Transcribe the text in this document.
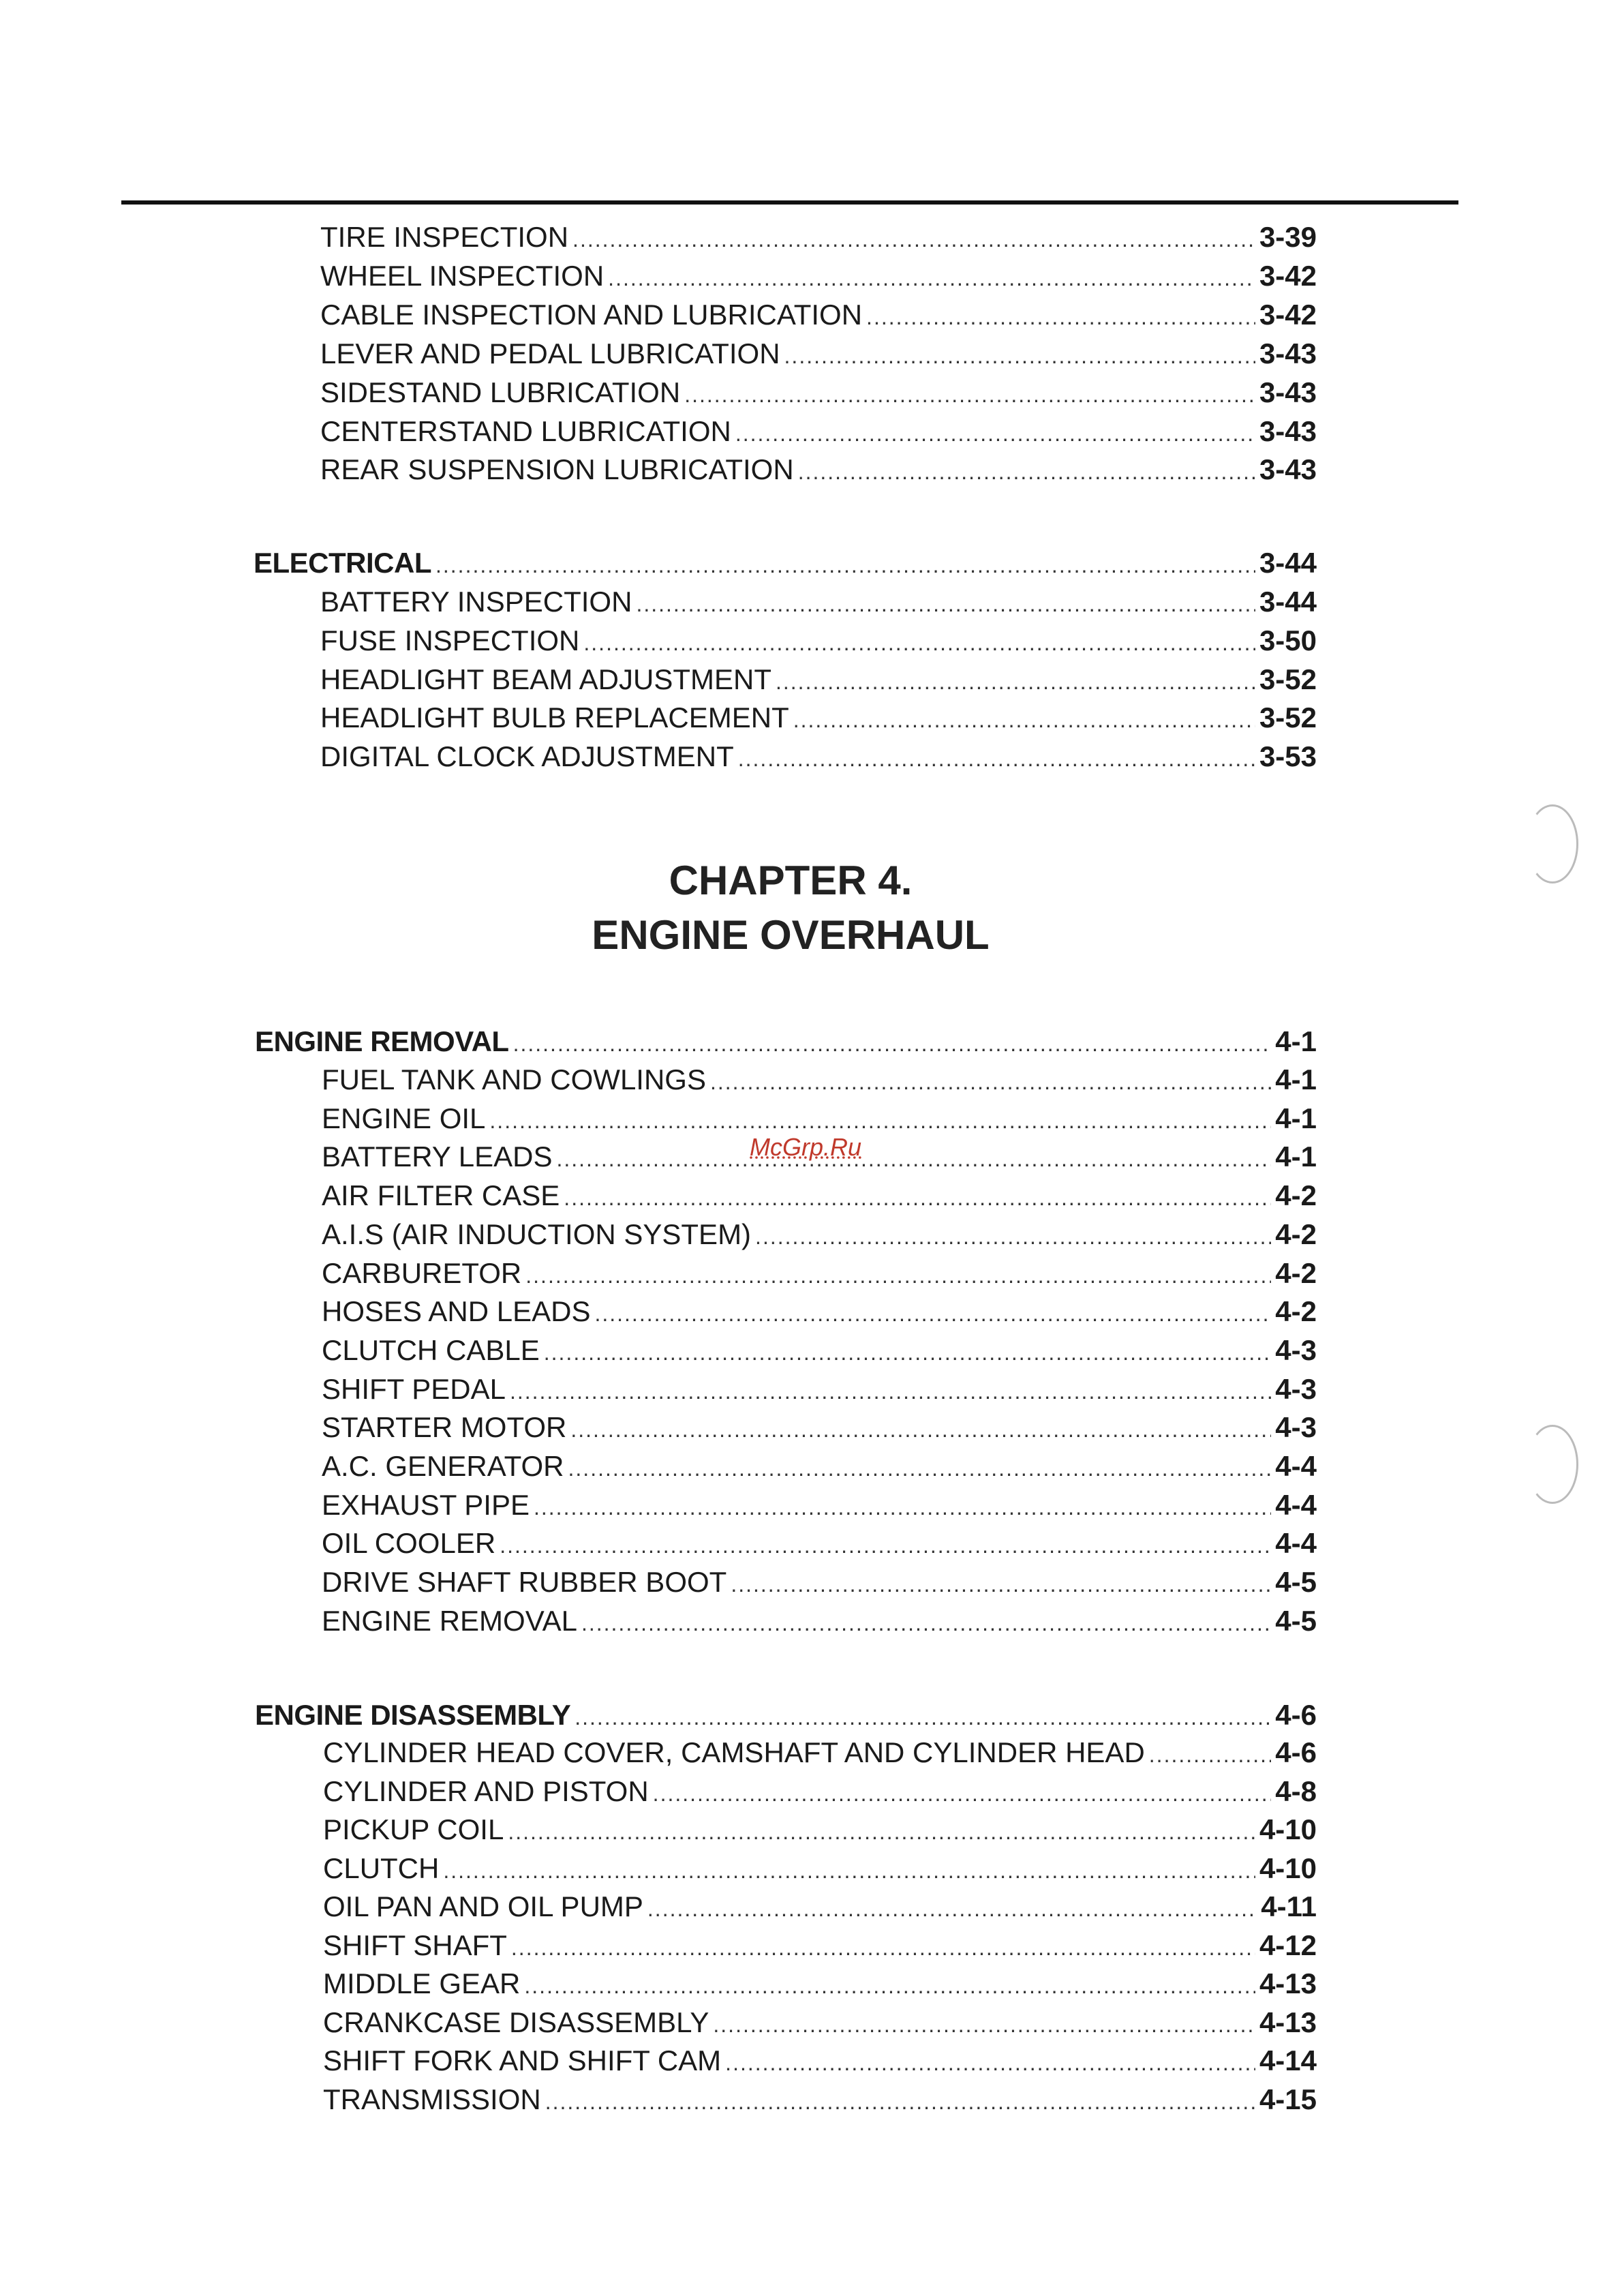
TIRE INSPECTION .....	3-39
WHEEL INSPECTION .....	3-42
CABLE INSPECTION AND LUBRICATION .....	3-42
LEVER AND PEDAL LUBRICATION .....	3-43
SIDESTAND LUBRICATION .....	3-43
CENTERSTAND LUBRICATION .....	3-43
REAR SUSPENSION LUBRICATION .....	3-43
ELECTRICAL .....	3-44
BATTERY INSPECTION .....	3-44
FUSE INSPECTION .....	3-50
HEADLIGHT BEAM ADJUSTMENT .....	3-52
HEADLIGHT BULB REPLACEMENT .....	3-52
DIGITAL CLOCK ADJUSTMENT .....	3-53
ENGINE REMOVAL .....	4-1
FUEL TANK AND COWLINGS .....	4-1
ENGINE OIL .....	4-1
BATTERY LEADS .....	4-1
AIR FILTER CASE .....	4-2
A.I.S (AIR INDUCTION SYSTEM) .....	4-2
CARBURETOR .....	4-2
HOSES AND LEADS .....	4-2
CLUTCH CABLE .....	4-3
SHIFT PEDAL .....	4-3
STARTER MOTOR .....	4-3
A.C. GENERATOR .....	4-4
EXHAUST PIPE .....	4-4
OIL COOLER .....	4-4
DRIVE SHAFT RUBBER BOOT .....	4-5
ENGINE REMOVAL .....	4-5
ENGINE DISASSEMBLY .....	4-6
CYLINDER HEAD COVER, CAMSHAFT AND CYLINDER HEAD .....	4-6
CYLINDER AND PISTON .....	4-8
PICKUP COIL .....	4-10
CLUTCH .....	4-10
OIL PAN AND OIL PUMP .....	4-11
SHIFT SHAFT .....	4-12
MIDDLE GEAR .....	4-13
CRANKCASE DISASSEMBLY .....	4-13
SHIFT FORK AND SHIFT CAM .....	4-14
TRANSMISSION .....	4-15
CHAPTER 4.
ENGINE OVERHAUL
McGrp.Ru
